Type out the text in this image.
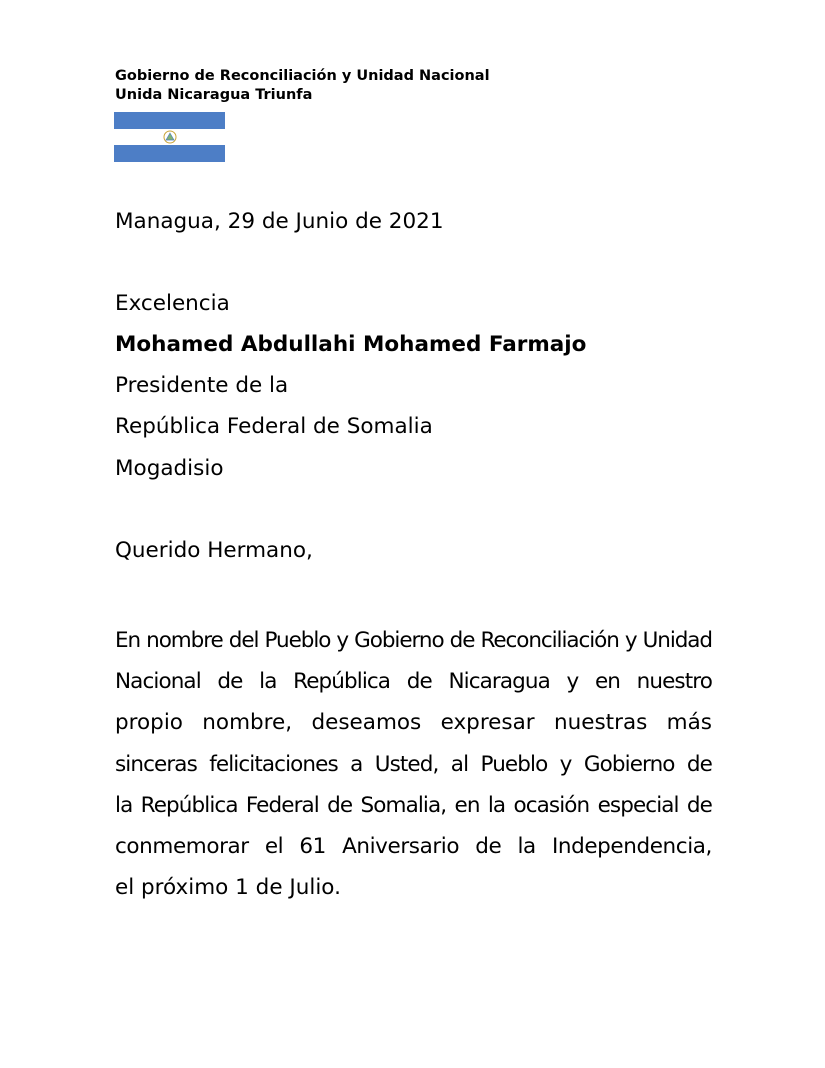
Gobierno de Reconciliación y Unidad Nacional
Unida Nicaragua Triunfa
Managua, 29 de Junio de 2021
Excelencia
Mohamed Abdullahi Mohamed Farmajo
Presidente de la
República Federal de Somalia
Mogadisio
Querido Hermano,
En nombre del Pueblo y Gobierno de Reconciliación y Unidad
Nacional de la República de Nicaragua y en nuestro
propio nombre, deseamos expresar nuestras más
sinceras felicitaciones a Usted, al Pueblo y Gobierno de
la República Federal de Somalia, en la ocasión especial de
conmemorar el 61 Aniversario de la Independencia,
el próximo 1 de Julio.
